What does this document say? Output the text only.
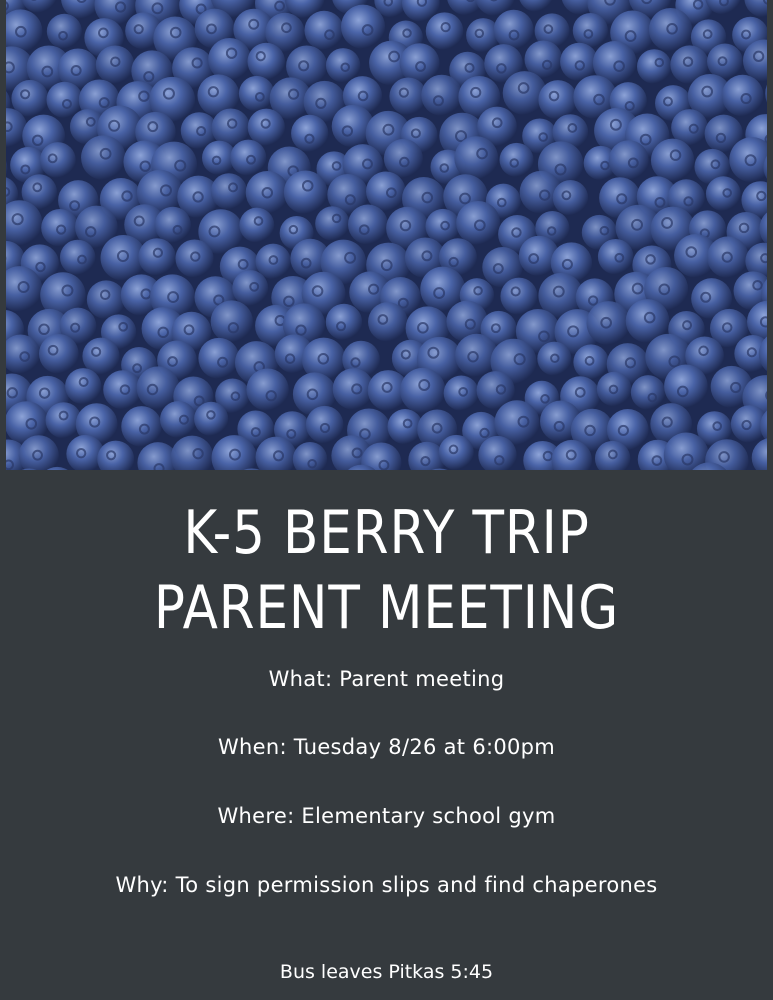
K-5 BERRY TRIP
PARENT MEETING
What: Parent meeting
When: Tuesday 8/26 at 6:00pm
Where: Elementary school gym
Why: To sign permission slips and find chaperones
Bus leaves Pitkas 5:45
